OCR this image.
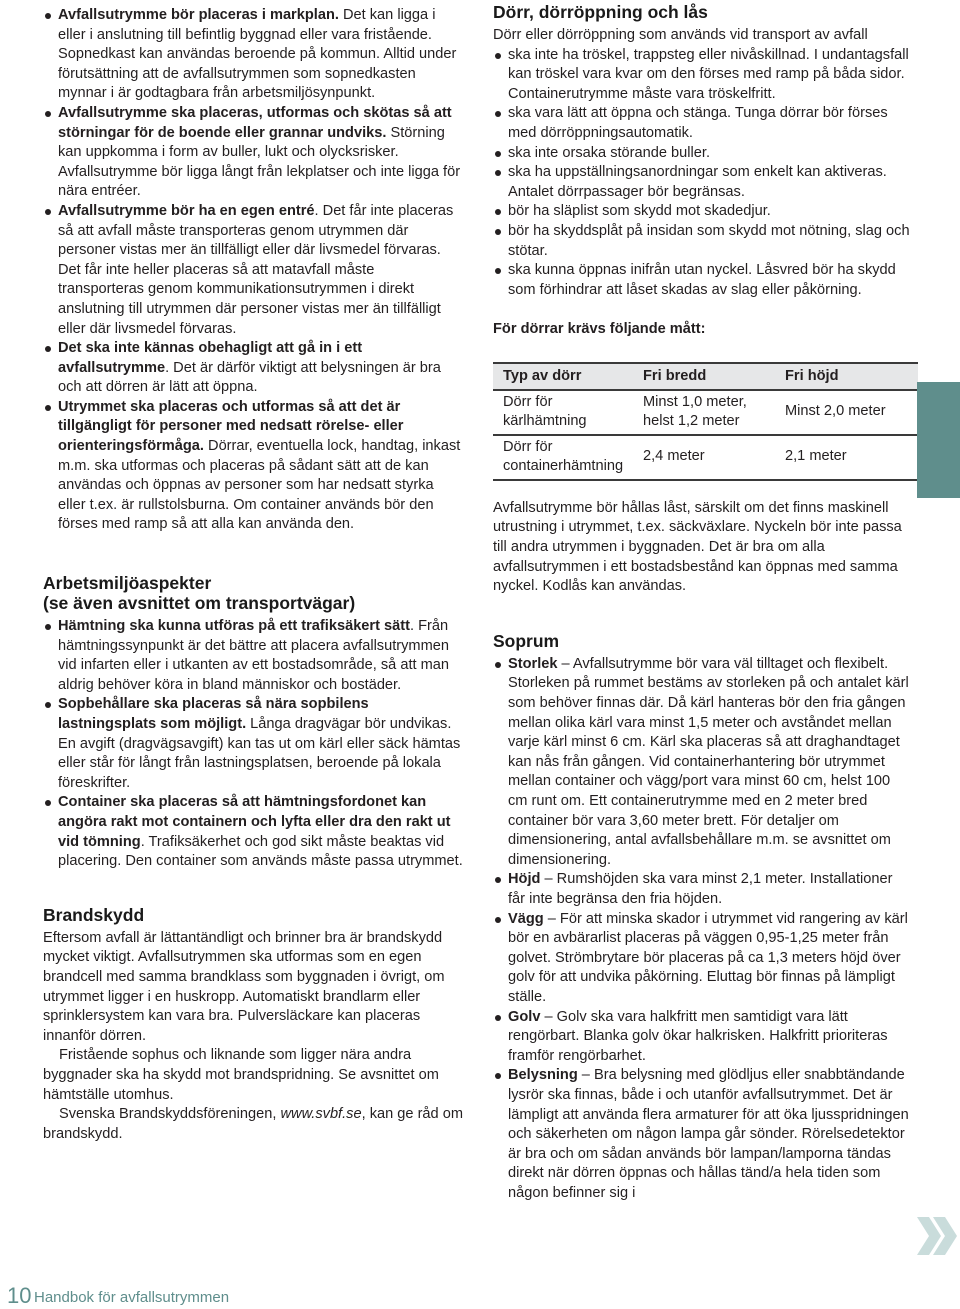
Avfallsutrymme bör placeras i markplan. Det kan ligga i eller i anslutning till befintlig byggnad eller vara fristående. Sopnedkast kan användas beroende på kommun. Alltid under förutsättning att de avfallsutrymmen som sopnedkasten mynnar i är godtagbara från arbetsmiljösynpunkt.
Avfallsutrymme ska placeras, utformas och skötas så att störningar för de boende eller grannar undviks. Störning kan uppkomma i form av buller, lukt och olycksrisker. Avfallsutrymme bör ligga långt från lekplatser och inte ligga för nära entréer.
Avfallsutrymme bör ha en egen entré. Det får inte placeras så att avfall måste transporteras genom utrymmen där personer vistas mer än tillfälligt eller där livsmedel förvaras. Det får inte heller placeras så att matavfall måste transporteras genom kommunikationsutrymmen i direkt anslutning till utrymmen där personer vistas mer än tillfälligt eller där livsmedel förvaras.
Det ska inte kännas obehagligt att gå in i ett avfallsutrymme. Det är därför viktigt att belysningen är bra och att dörren är lätt att öppna.
Utrymmet ska placeras och utformas så att det är tillgängligt för personer med nedsatt rörelse- eller orienteringsförmåga. Dörrar, eventuella lock, handtag, inkast m.m. ska utformas och placeras på sådant sätt att de kan användas och öppnas av personer som har nedsatt styrka eller t.ex. är rullstolsburna. Om container används bör den förses med ramp så att alla kan använda den.
Arbetsmiljöaspekter
(se även avsnittet om transportvägar)
Hämtning ska kunna utföras på ett trafiksäkert sätt. Från hämtningssynpunkt är det bättre att placera avfallsutrymmen vid infarten eller i utkanten av ett bostadsområde, så att man aldrig behöver köra in bland människor och bostäder.
Sopbehållare ska placeras så nära sopbilens lastningsplats som möjligt. Långa dragvägar bör undvikas. En avgift (dragvägsavgift) kan tas ut om kärl eller säck hämtas eller står för långt från lastningsplatsen, beroende på lokala föreskrifter.
Container ska placeras så att hämtningsfordonet kan angöra rakt mot containern och lyfta eller dra den rakt ut vid tömning. Trafiksäkerhet och god sikt måste beaktas vid placering. Den container som används måste passa utrymmet.
Brandskydd

Eftersom avfall är lättantändligt och brinner bra är brandskydd mycket viktigt. Avfallsutrymmen ska utformas som en egen brandcell med samma brandklass som byggnaden i övrigt, om utrymmet ligger i en huskropp. Automatiskt brandlarm eller sprinklersystem kan vara bra. Pulversläckare kan placeras innanför dörren.

Fristående sophus och liknande som ligger nära andra byggnader ska ha skydd mot brandspridning. Se avsnittet om hämtställe utomhus.

Svenska Brandskyddsföreningen, www.svbf.se, kan ge råd om brandskydd.

Dörr, dörröppning och lås

Dörr eller dörröppning som används vid transport av avfall

ska inte ha tröskel, trappsteg eller nivåskillnad. I undantagsfall kan tröskel vara kvar om den förses med ramp på båda sidor. Containerutrymme måste vara tröskelfritt.
ska vara lätt att öppna och stänga. Tunga dörrar bör förses med dörröppningsautomatik.
ska inte orsaka störande buller.
ska ha uppställningsanordningar som enkelt kan aktiveras. Antalet dörrpassager bör begränsas.
bör ha släplist som skydd mot skadedjur.
bör ha skyddsplåt på insidan som skydd mot nötning, slag och stötar.
ska kunna öppnas inifrån utan nyckel. Låsvred bör ha skydd som förhindrar att låset skadas av slag eller påkörning.

För dörrar krävs följande mått:

Typ av dörr	Fri bredd	Fri höjd
Dörr för kärlhämtning	Minst 1,0 meter, helst 1,2 meter	Minst 2,0 meter
Dörr för containerhämtning	2,4 meter	2,1 meter

Avfallsutrymme bör hållas låst, särskilt om det finns maskinell utrustning i utrymmet, t.ex. säckväxlare. Nyckeln bör inte passa till andra utrymmen i byggnaden. Det är bra om alla avfallsutrymmen i ett bostadsbestånd kan öppnas med samma nyckel. Kodlås kan användas.

Soprum
Storlek – Avfallsutrymme bör vara väl tilltaget och flexibelt. Storleken på rummet bestäms av storleken på och antalet kärl som behöver finnas där. Då kärl hanteras bör den fria gången mellan olika kärl vara minst 1,5 meter och avståndet mellan varje kärl minst 6 cm. Kärl ska placeras så att draghandtaget kan nås från gången. Vid containerhantering bör utrymmet mellan container och vägg/port vara minst 60 cm, helst 100 cm runt om. Ett containerutrymme med en 2 meter bred container bör vara 3,60 meter brett. För detaljer om dimensionering, antal avfallsbehållare m.m. se avsnittet om dimensionering.
Höjd – Rumshöjden ska vara minst 2,1 meter. Installationer får inte begränsa den fria höjden.
Vägg – För att minska skador i utrymmet vid rangering av kärl bör en avbärarlist placeras på väggen 0,95-1,25 meter från golvet. Strömbrytare bör placeras på ca 1,3 meters höjd över golv för att undvika påkörning. Eluttag bör finnas på lämpligt ställe.
Golv – Golv ska vara halkfritt men samtidigt vara lätt rengörbart. Blanka golv ökar halkrisken. Halkfritt prioriteras framför rengörbarhet.
Belysning – Bra belysning med glödljus eller snabbtändande lysrör ska finnas, både i och utanför avfallsutrymmet. Det är lämpligt att använda flera armaturer för att öka ljusspridningen och säkerheten om någon lampa går sönder. Rörelsedetektor är bra och om sådan används bör lampan/lamporna tändas direkt när dörren öppnas och hållas tänd/a hela tiden som någon befinner sig i
10 Handbok för avfallsutrymmen
